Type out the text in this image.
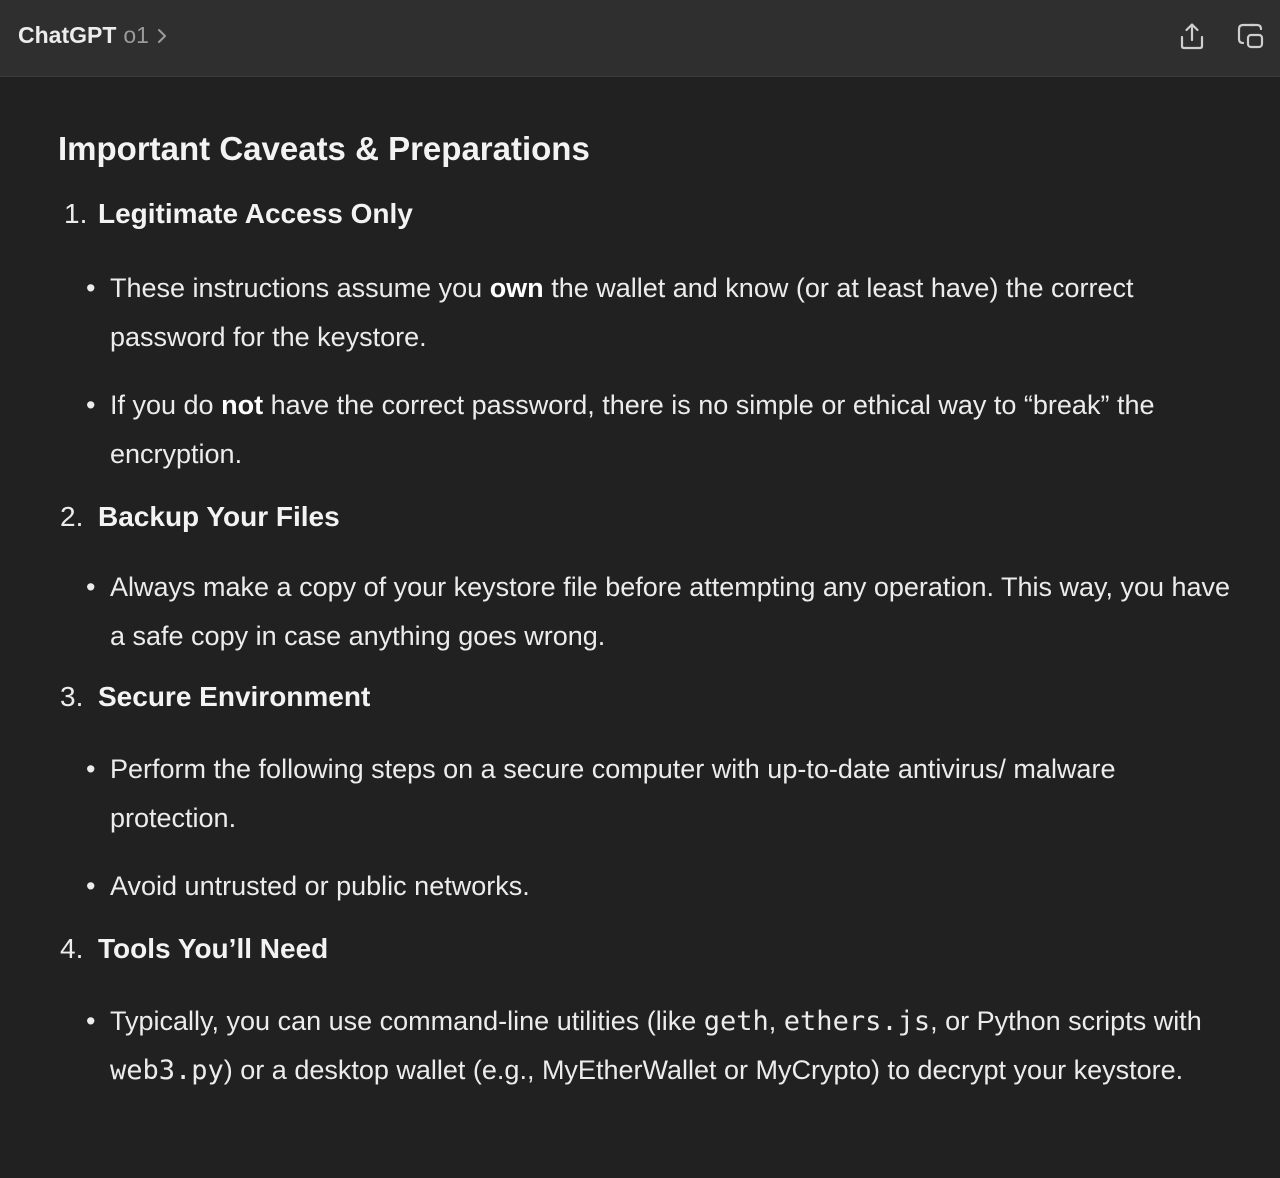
ChatGPT o1
Important Caveats & Preparations
1. Legitimate Access Only
• These instructions assume you own the wallet and know (or at least have) the correct password for the keystore.
• If you do not have the correct password, there is no simple or ethical way to “break” the encryption.
2. Backup Your Files
• Always make a copy of your keystore file before attempting any operation. This way, you have a safe copy in case anything goes wrong.
3. Secure Environment
• Perform the following steps on a secure computer with up-to-date antivirus/ malware protection.
• Avoid untrusted or public networks.
4. Tools You’ll Need
• Typically, you can use command-line utilities (like geth, ethers.js, or Python scripts with web3.py) or a desktop wallet (e.g., MyEtherWallet or MyCrypto) to decrypt your keystore.
